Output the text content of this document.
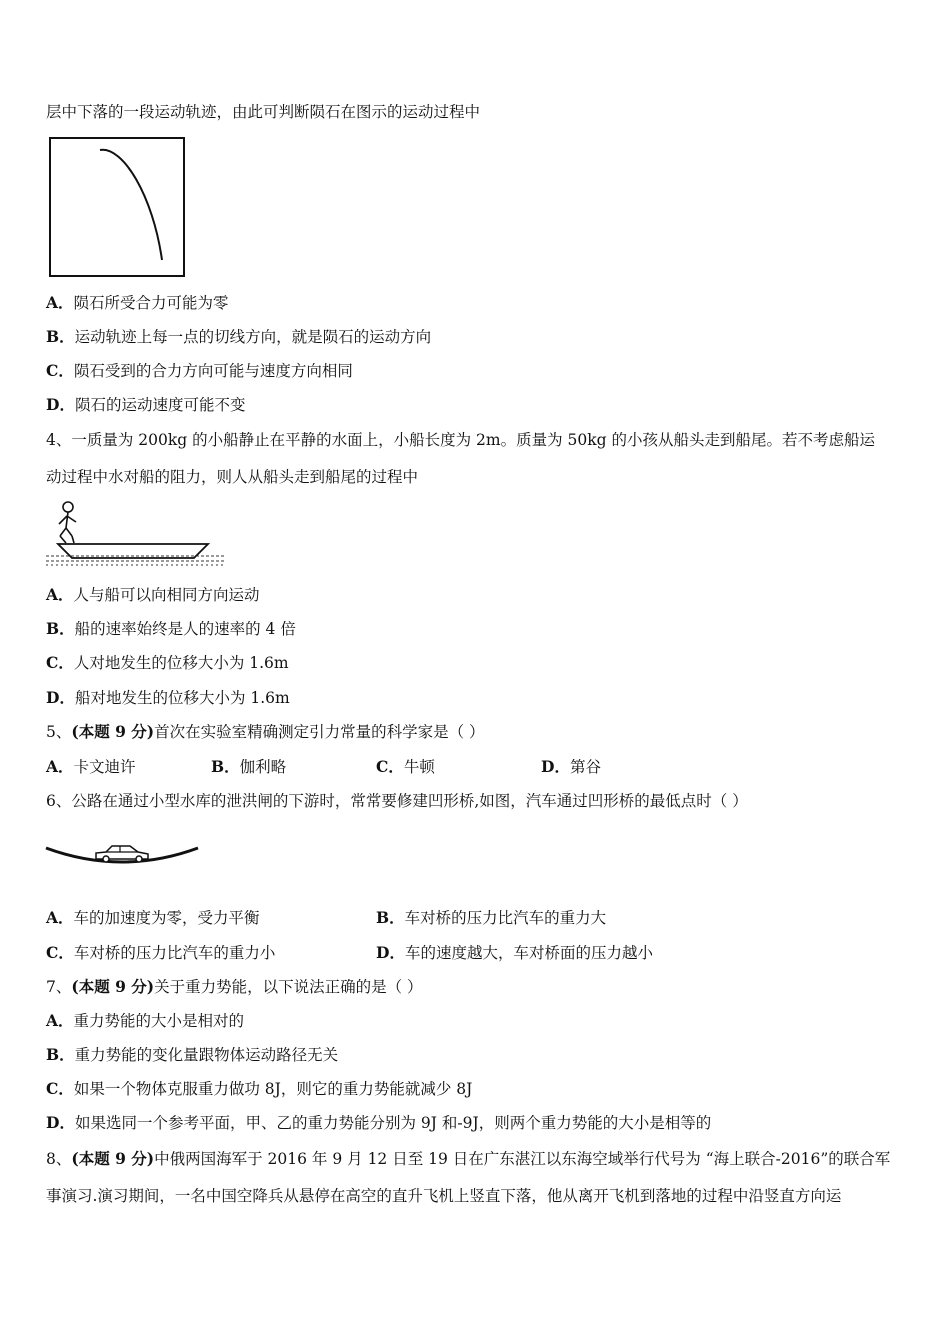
层中下落的一段运动轨迹，由此可判断陨石在图示的运动过程中
A．陨石所受合力可能为零
B．运动轨迹上每一点的切线方向，就是陨石的运动方向
C．陨石受到的合力方向可能与速度方向相同
D．陨石的运动速度可能不变
4、一质量为 200kg 的小船静止在平静的水面上，小船长度为 2m。质量为 50kg 的小孩从船头走到船尾。若不考虑船运
动过程中水对船的阻力，则人从船头走到船尾的过程中
A．人与船可以向相同方向运动
B．船的速率始终是人的速率的 4 倍
C．人对地发生的位移大小为 1.6m
D．船对地发生的位移大小为 1.6m
5、(本题 9 分)首次在实验室精确测定引力常量的科学家是（ ）
A．卡文迪许	B．伽利略	C．牛顿	D．第谷
6、公路在通过小型水库的泄洪闸的下游时，常常要修建凹形桥,如图，汽车通过凹形桥的最低点时（ ）
A．车的加速度为零，受力平衡	B．车对桥的压力比汽车的重力大
C．车对桥的压力比汽车的重力小	D．车的速度越大，车对桥面的压力越小
7、(本题 9 分)关于重力势能，以下说法正确的是（ ）
A．重力势能的大小是相对的
B．重力势能的变化量跟物体运动路径无关
C．如果一个物体克服重力做功 8J，则它的重力势能就减少 8J
D．如果选同一个参考平面，甲、乙的重力势能分别为 9J 和-9J，则两个重力势能的大小是相等的
8、(本题 9 分)中俄两国海军于 2016 年 9 月 12 日至 19 日在广东湛江以东海空域举行代号为 “海上联合-2016”的联合军
事演习.演习期间，一名中国空降兵从悬停在高空的直升飞机上竖直下落，他从离开飞机到落地的过程中沿竖直方向运
